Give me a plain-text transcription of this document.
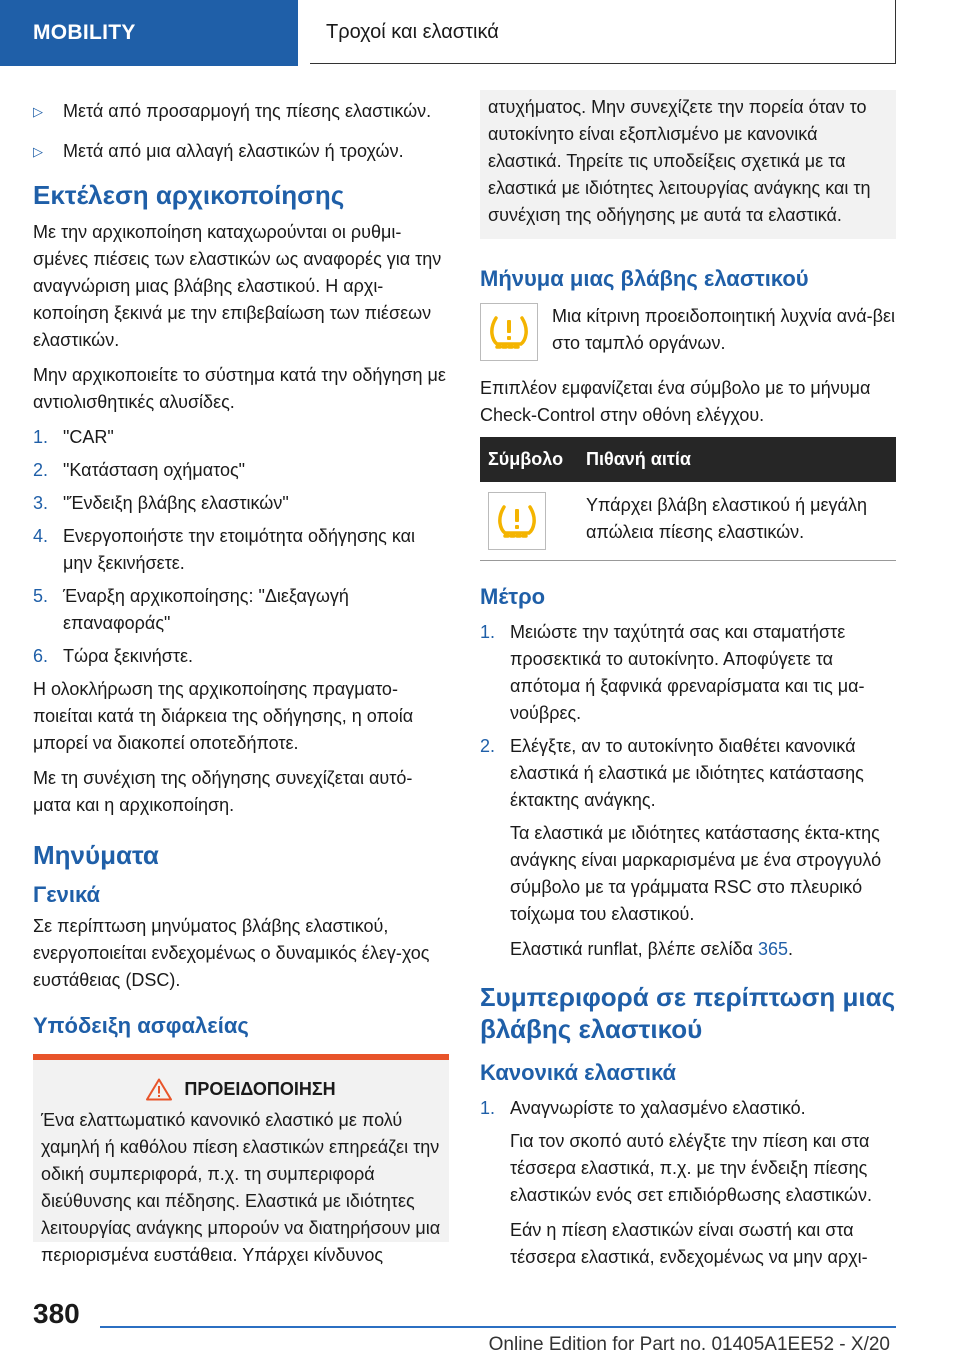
MOBILITY	Τροχοί και ελαστικά
▷	Μετά από προσαρμογή της πίεσης ελαστικών.
▷	Μετά από μια αλλαγή ελαστικών ή τροχών.
Εκτέλεση αρχικοποίησης

Με την αρχικοποίηση καταχωρούνται οι ρυθμι-σμένες πιέσεις των ελαστικών ως αναφορές για την αναγνώριση μιας βλάβης ελαστικού. Η αρχι-κοποίηση ξεκινά με την επιβεβαίωση των πιέσεων ελαστικών.

Μην αρχικοποιείτε το σύστημα κατά την οδήγηση με αντιολισθητικές αλυσίδες.

1. "CAR"
2. "Κατάσταση οχήματος"
3. "Ένδειξη βλάβης ελαστικών"
4. Ενεργοποιήστε την ετοιμότητα οδήγησης και μην ξεκινήσετε.
5. Έναρξη αρχικοποίησης: "Διεξαγωγή επαναφοράς"
6. Τώρα ξεκινήστε.

Η ολοκλήρωση της αρχικοποίησης πραγματο-ποιείται κατά τη διάρκεια της οδήγησης, η οποία μπορεί να διακοπεί οποτεδήποτε.

Με τη συνέχιση της οδήγησης συνεχίζεται αυτό-ματα και η αρχικοποίηση.

Μηνύματα
Γενικά

Σε περίπτωση μηνύματος βλάβης ελαστικού, ενεργοποιείται ενδεχομένως ο δυναμικός έλεγ-χος ευστάθειας (DSC).

Υπόδειξη ασφαλείας
ΠΡΟΕΙΔΟΠΟΙΗΣΗ
Ένα ελαττωματικό κανονικό ελαστικό με πολύ χαμηλή ή καθόλου πίεση ελαστικών επηρεάζει την οδική συμπεριφορά, π.χ. τη συμπεριφορά διεύθυνσης και πέδησης. Ελαστικά με ιδιότητες λειτουργίας ανάγκης μπορούν να διατηρήσουν μια περιορισμένα ευστάθεια. Υπάρχει κίνδυνος
ατυχήματος. Μην συνεχίζετε την πορεία όταν το αυτοκίνητο είναι εξοπλισμένο με κανονικά ελαστικά. Τηρείτε τις υποδείξεις σχετικά με τα ελαστικά με ιδιότητες λειτουργίας ανάγκης και τη συνέχιση της οδήγησης με αυτά τα ελαστικά.
Μήνυμα μιας βλάβης ελαστικού
Μια κίτρινη προειδοποιητική λυχνία ανά-βει στο ταμπλό οργάνων.

Επιπλέον εμφανίζεται ένα σύμβολο με το μήνυμα Check-Control στην οθόνη ελέγχου.

Σύμβολο	Πιθανή αιτία

	Υπάρχει βλάβη ελαστικού ή μεγάλη απώλεια πίεσης ελαστικών.
Μέτρο
1. Μειώστε την ταχύτητά σας και σταματήστε προσεκτικά το αυτοκίνητο. Αποφύγετε τα απότομα ή ξαφνικά φρεναρίσματα και τις μα-νούβρες.
2. Ελέγξτε, αν το αυτοκίνητο διαθέτει κανονικά ελαστικά ή ελαστικά με ιδιότητες κατάστασης έκτακτης ανάγκης.

Τα ελαστικά με ιδιότητες κατάστασης έκτα-κτης ανάγκης είναι μαρκαρισμένα με ένα στρογγυλό σύμβολο με τα γράμματα RSC στο πλευρικό τοίχωμα του ελαστικού.

Ελαστικά runflat, βλέπε σελίδα 365.

Συμπεριφορά σε περίπτωση μιας βλάβης ελαστικού
Κανονικά ελαστικά
1. Αναγνωρίστε το χαλασμένο ελαστικό.

Για τον σκοπό αυτό ελέγξτε την πίεση και στα τέσσερα ελαστικά, π.χ. με την ένδειξη πίεσης ελαστικών ενός σετ επιδιόρθωσης ελαστικών.

Εάν η πίεση ελαστικών είναι σωστή και στα τέσσερα ελαστικά, ενδεχομένως να μην αρχι-

380
Online Edition for Part no. 01405A1EE52 - X/20
